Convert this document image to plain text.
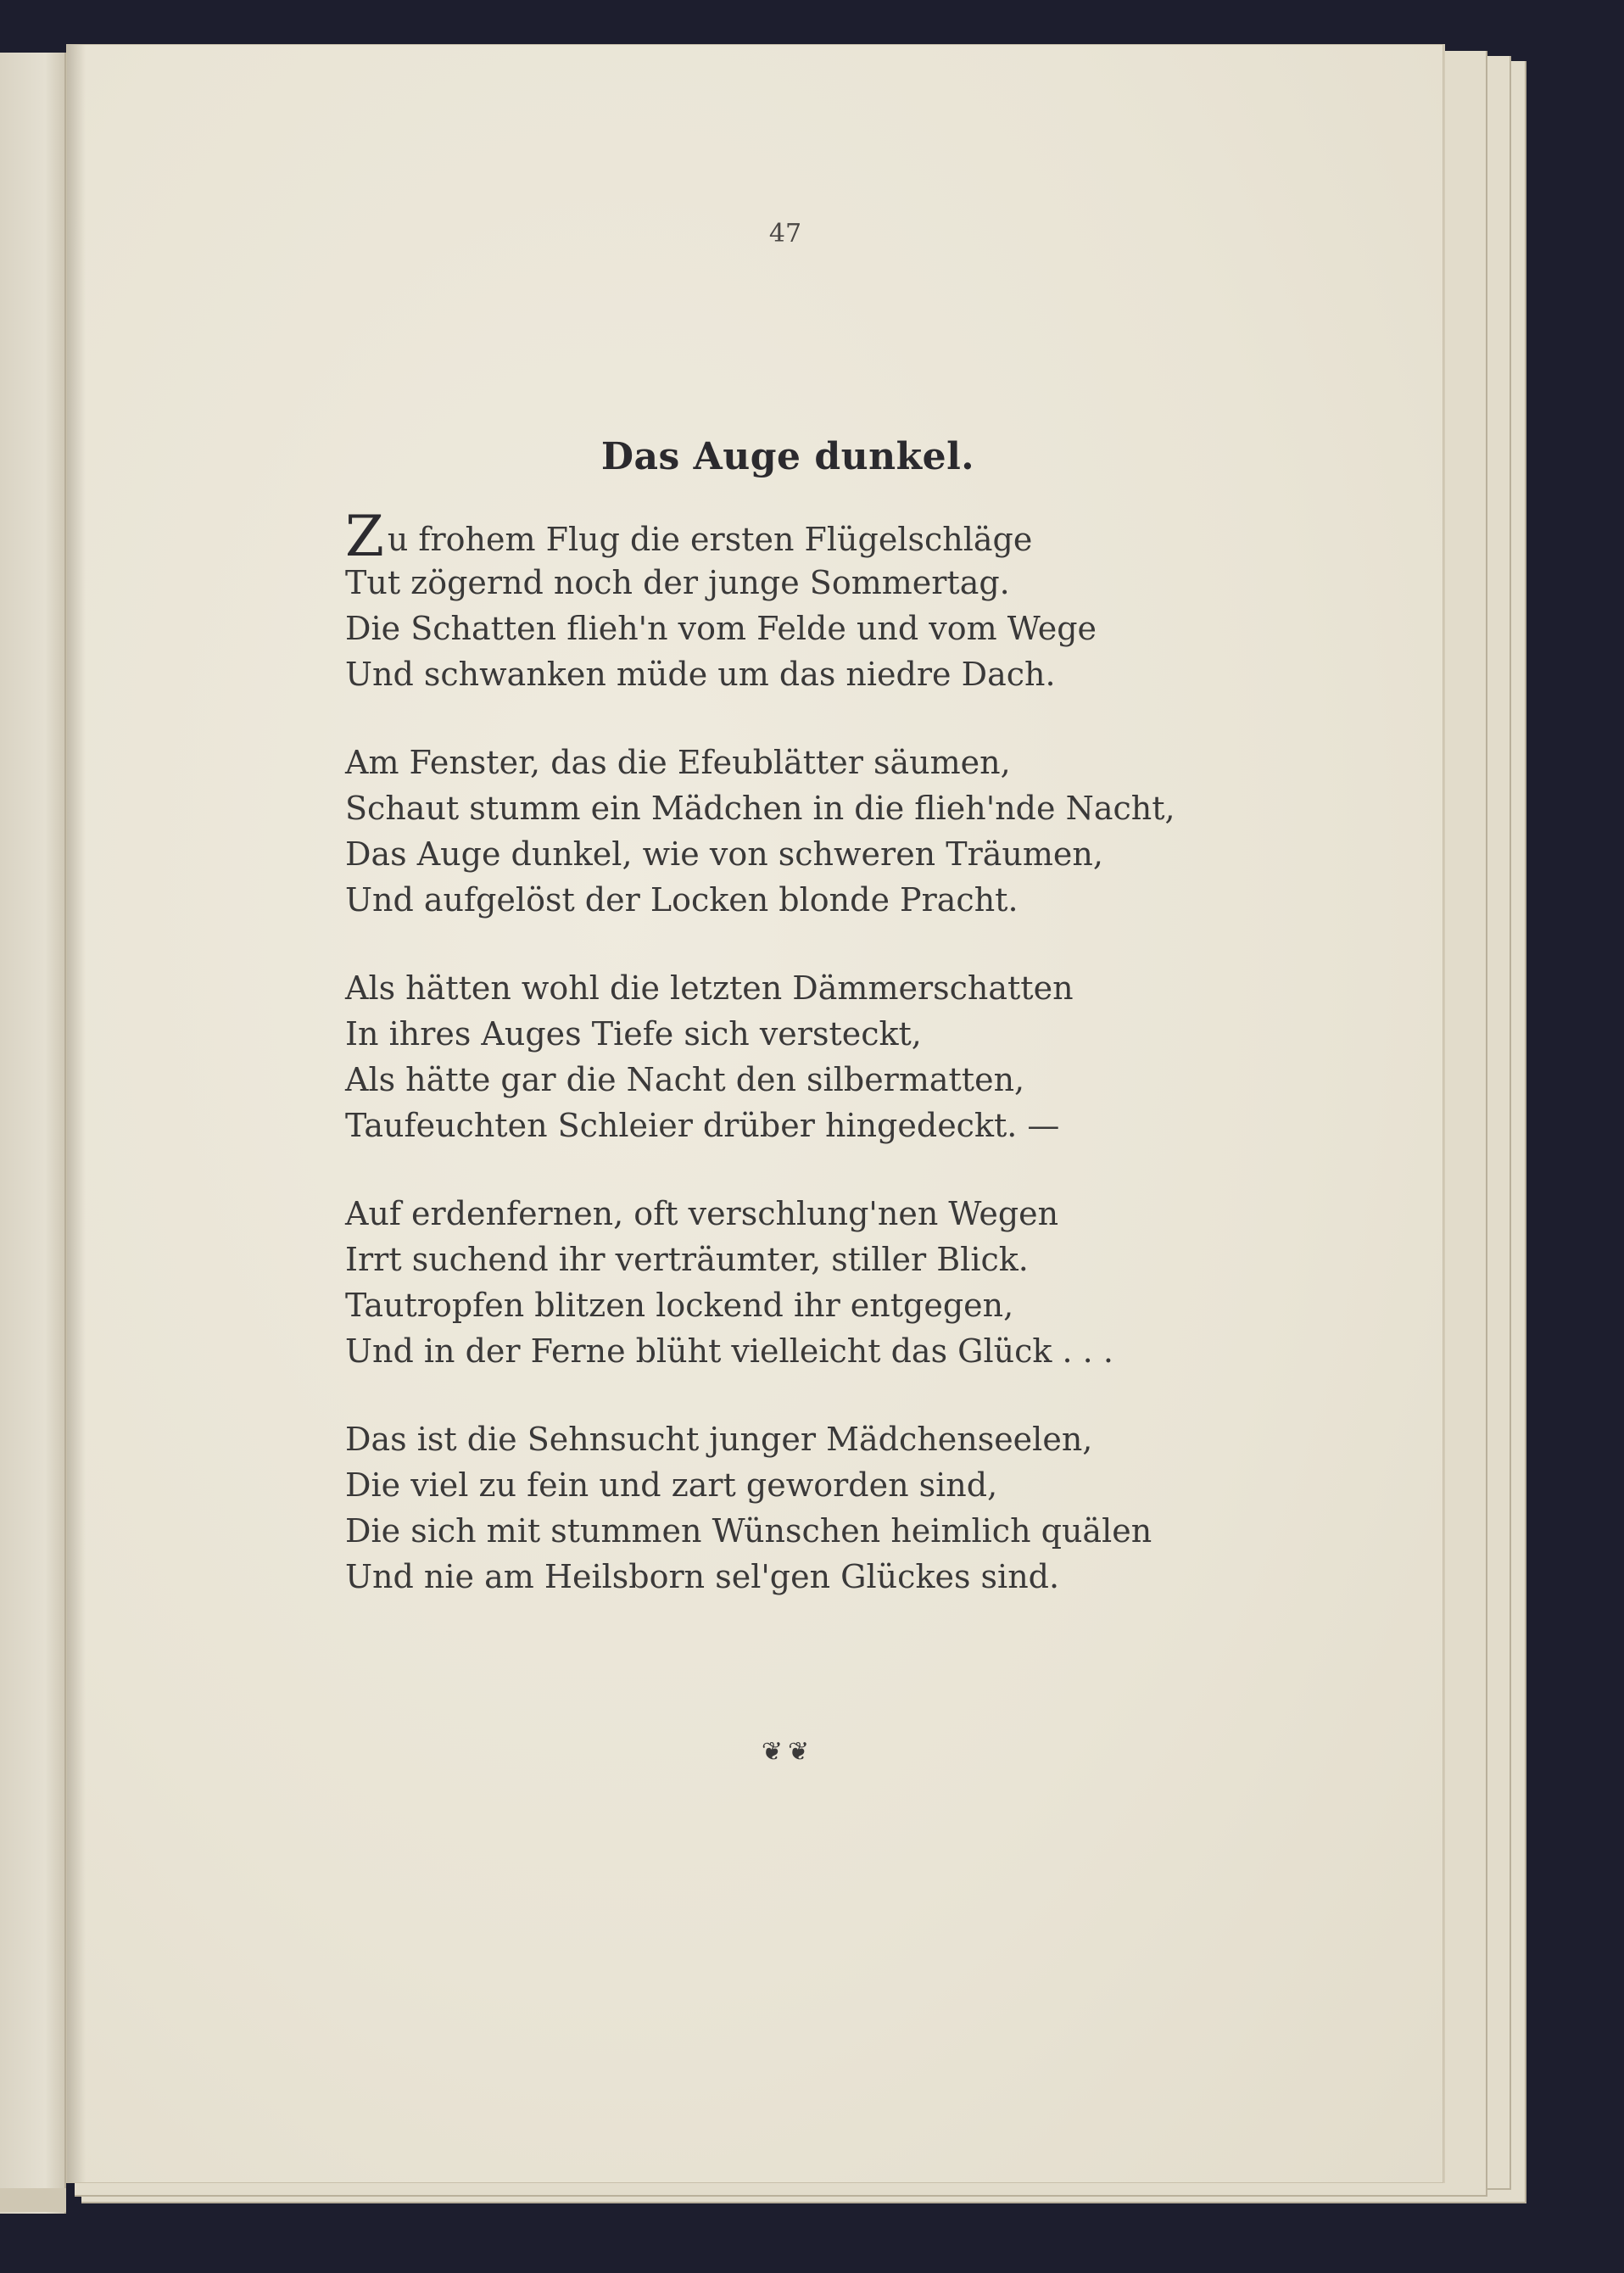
47
Das Auge dunkel.
Zu frohem Flug die ersten Flügelschläge
Tut zögernd noch der junge Sommertag.
Die Schatten flieh'n vom Felde und vom Wege
Und schwanken müde um das niedre Dach.
Am Fenster, das die Efeublätter säumen,
Schaut stumm ein Mädchen in die flieh'nde Nacht,
Das Auge dunkel, wie von schweren Träumen,
Und aufgelöst der Locken blonde Pracht.
Als hätten wohl die letzten Dämmerschatten
In ihres Auges Tiefe sich versteckt,
Als hätte gar die Nacht den silbermatten,
Taufeuchten Schleier drüber hingedeckt. —
Auf erdenfernen, oft verschlung'nen Wegen
Irrt suchend ihr verträumter, stiller Blick.
Tautropfen blitzen lockend ihr entgegen,
Und in der Ferne blüht vielleicht das Glück . . .
Das ist die Sehnsucht junger Mädchenseelen,
Die viel zu fein und zart geworden sind,
Die sich mit stummen Wünschen heimlich quälen
Und nie am Heilsborn sel'gen Glückes sind.
❦❦
